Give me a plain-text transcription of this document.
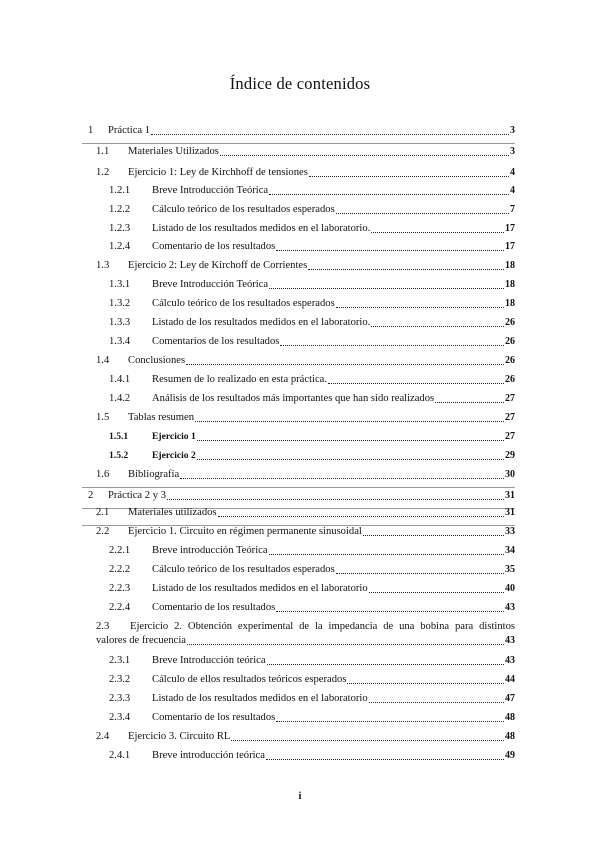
Índice de contenidos
1 Práctica 1	3
1.1 Materiales Utilizados	3
1.2 Ejercicio 1: Ley de Kirchhoff de tensiones	4
1.2.1 Breve Introducción Teórica	4
1.2.2 Cálculo teórico de los resultados esperados	7
1.2.3 Listado de los resultados medidos en el laboratorio.	17
1.2.4 Comentario de los resultados	17
1.3 Ejercicio 2: Ley de Kirchoff de Corrientes	18
1.3.1 Breve Introducción Teórica	18
1.3.2 Cálculo teórico de los resultados esperados	18
1.3.3 Listado de los resultados medidos en el laboratorio.	26
1.3.4 Comentarios de los resultados	26
1.4 Conclusiones	26
1.4.1 Resumen de lo realizado en esta práctica.	26
1.4.2 Análisis de los resultados más importantes que han sido realizados	27
1.5 Tablas resumen	27
1.5.1 Ejercicio 1	27
1.5.2 Ejercicio 2	29
1.6 Bibliografía	30
2 Práctica 2 y 3	31
2.1 Materiales utilizados	31
2.2 Ejercicio 1. Circuito en régimen permanente sinusoidal	33
2.2.1 Breve introducción Teórica	34
2.2.2 Cálculo teórico de los resultados esperados	35
2.2.3 Listado de los resultados medidos en el laboratorio	40
2.2.4 Comentario de los resultados	43
2.3 Ejercicio 2. Obtención experimental de la impedancia de una bobina para distintos
valores de frecuencia	43
2.3.1 Breve Introducción teórica	43
2.3.2 Cálculo de ellos resultados teóricos esperados	44
2.3.3 Listado de los resultados medidos en el laboratorio	47
2.3.4 Comentario de los resultados	48
2.4 Ejercicio 3. Circuito RL	48
2.4.1 Breve introducción teórica	49
i
